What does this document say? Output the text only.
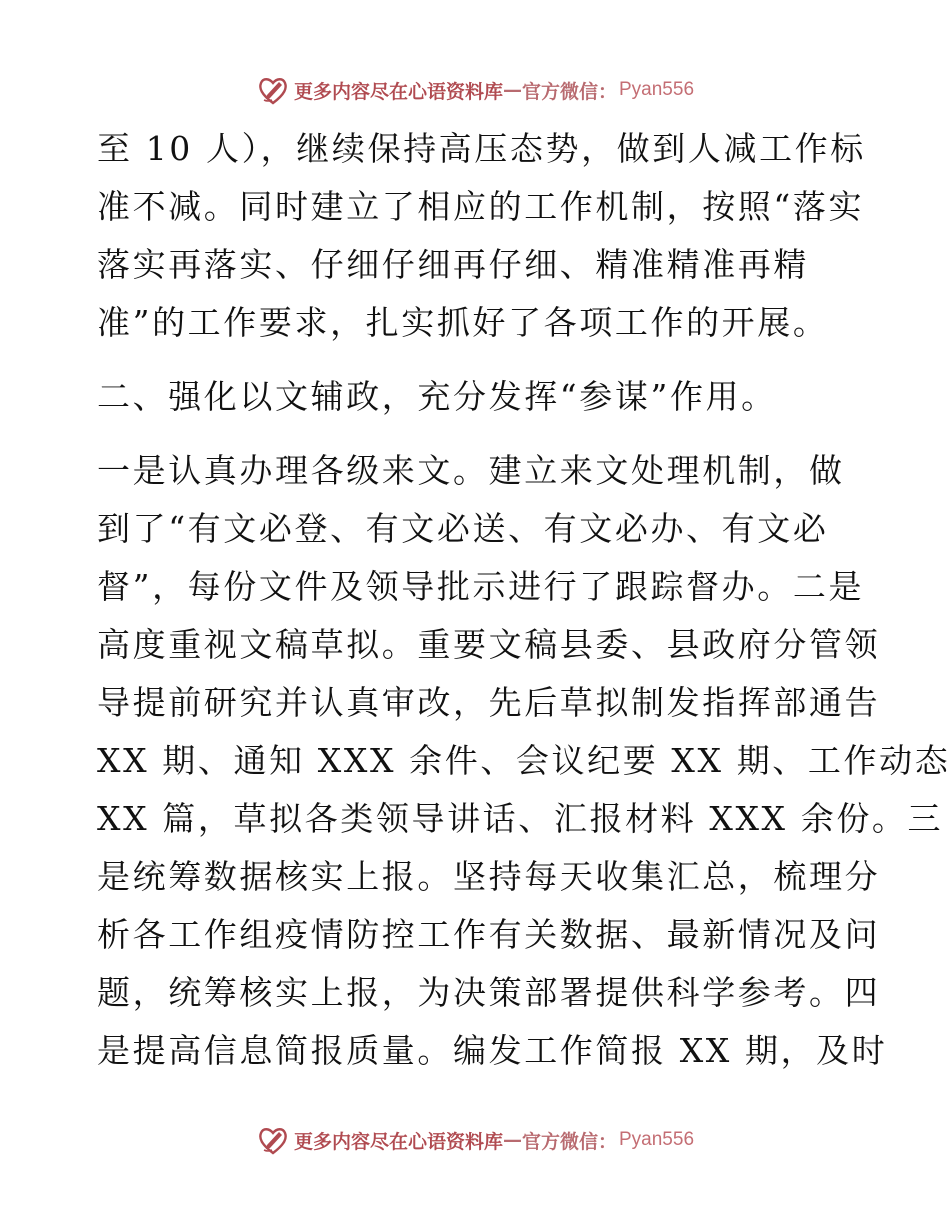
更多内容尽在心语资料库 — 官方微信： Pyan556
至 10 人），继续保持高压态势，做到人减工作标
准不减。同时建立了相应的工作机制，按照“落实
落实再落实、仔细仔细再仔细、精准精准再精
准”的工作要求，扎实抓好了各项工作的开展。
二、强化以文辅政，充分发挥“参谋”作用。
一是认真办理各级来文。建立来文处理机制，做
到了“有文必登、有文必送、有文必办、有文必
督”，每份文件及领导批示进行了跟踪督办。二是
高度重视文稿草拟。重要文稿县委、县政府分管领
导提前研究并认真审改，先后草拟制发指挥部通告
XX 期、通知 XXX 余件、会议纪要 XX 期、工作动态
XX 篇，草拟各类领导讲话、汇报材料 XXX 余份。三
是统筹数据核实上报。坚持每天收集汇总，梳理分
析各工作组疫情防控工作有关数据、最新情况及问
题，统筹核实上报，为决策部署提供科学参考。四
是提高信息简报质量。编发工作简报 XX 期，及时
更多内容尽在心语资料库 — 官方微信： Pyan556
